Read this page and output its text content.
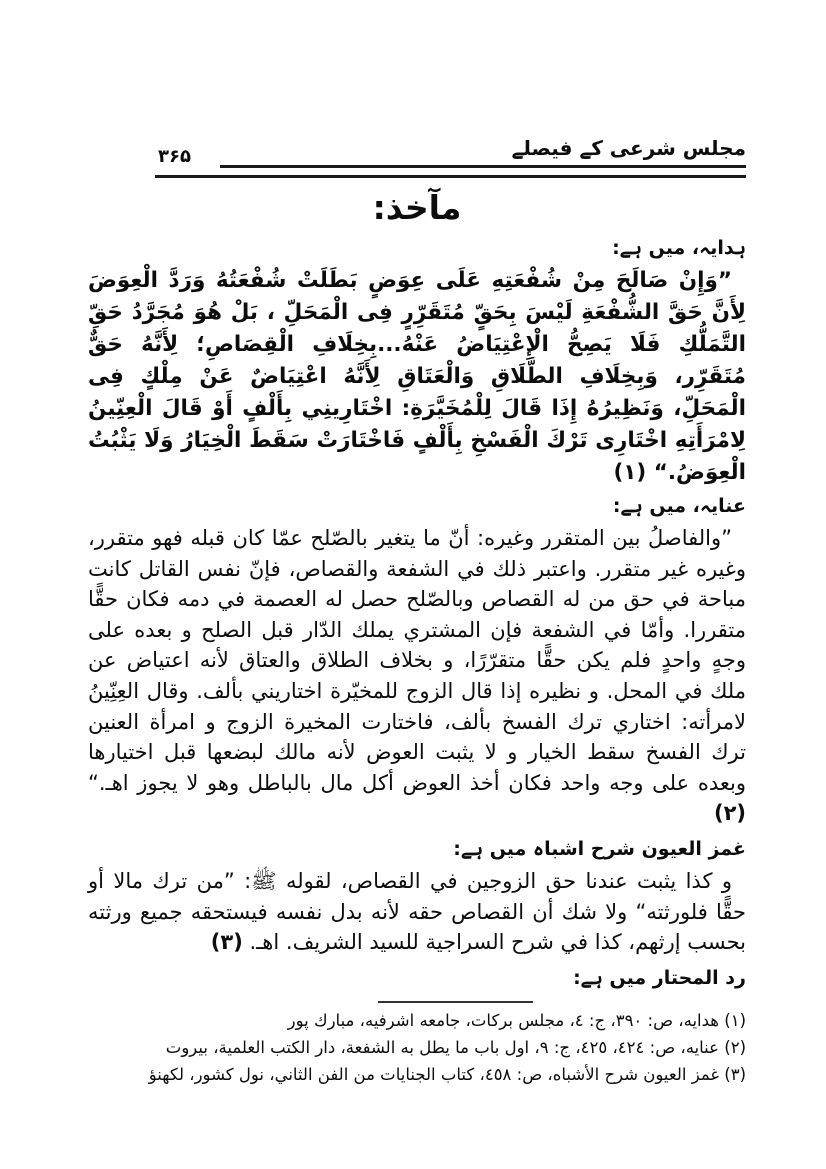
مجلس شرعی کے فیصلے
۳۶۵
مآخذ:
ہدایہ، میں ہے:

”وَإِنْ صَالَحَ مِنْ شُفْعَتِهِ عَلَى عِوَضٍ بَطَلَتْ شُفْعَتُهُ وَرَدَّ الْعِوَضَ لِأَنَّ حَقَّ الشُّفْعَةِ لَيْسَ بِحَقٍّ مُتَقَرِّرٍ فِى الْمَحَلِّ ، بَلْ هُوَ مُجَرَّدُ حَقِّ التَّمَلُّكِ فَلَا يَصِحُّ الْإِعْتِيَاضُ عَنْهُ...بِخِلَافِ الْقِصَاصِ؛ لِأَنَّهُ حَقٌّ مُتَقَرِّر، وَبِخِلَافِ الطَّلَاقِ وَالْعَتَاقِ لِأَنَّهُ اعْتِيَاضٌ عَنْ مِلْكٍ فِى الْمَحَلِّ، وَنَظِيرُهُ إِذَا قَالَ لِلْمُخَيَّرَةِ: اخْتَارِينِي بِأَلْفٍ أَوْ قَالَ الْعِنِّينُ لِامْرَأَتِهِ اخْتَارِى تَرْكَ الْفَسْخِ بِأَلْفٍ فَاخْتَارَتْ سَقَطَ الْخِيَارُ وَلَا يَثْبُتُ الْعِوَضُ.“ (١)

عنایہ، میں ہے:

”والفاصلُ بين المتقرر وغيره: أنّ ما يتغير بالصّلح عمّا كان قبله فهو متقرر، وغيره غير متقرر. واعتبر ذلك في الشفعة والقصاص، فإنّ نفس القاتل كانت مباحة في حق من له القصاص وبالصّلح حصل له العصمة في دمه فكان حقًّا متقررا. وأمّا في الشفعة فإن المشتري يملك الدّار قبل الصلح و بعده على وجهٍ واحدٍ فلم يكن حقًّا متقرّرًا، و بخلاف الطلاق والعتاق لأنه اعتياض عن ملك في المحل. و نظيره إذا قال الزوج للمخيّرة اختاريني بألف. وقال العِنِّينُ لامرأته: اختاري ترك الفسخ بألف، فاختارت المخيرة الزوج و امرأة العنين ترك الفسخ سقط الخيار و لا يثبت العوض لأنه مالك لبضعها قبل اختيارها وبعده على وجه واحد فكان أخذ العوض أكل مال بالباطل وهو لا يجوز اهـ.“ (٢)

غمز العیون شرح اشباہ میں ہے:

و كذا يثبت عندنا حق الزوجين في القصاص، لقوله ﷺ: ”من ترك مالا أو حقًّا فلورثته“ ولا شك أن القصاص حقه لأنه بدل نفسه فيستحقه جميع ورثته بحسب إرثهم، كذا في شرح السراجية للسيد الشريف. اهـ. (٣)

رد المحتار میں ہے:
(١) هدايه، ص: ٣٩٠، ج: ٤، مجلس بركات، جامعه اشرفيه، مبارك پور
(٢) عنايه، ص: ٤٢٤، ٤٢٥، ج: ٩، اول باب ما يطل به الشفعة، دار الكتب العلمية، بيروت
(٣) غمز العيون شرح الأشباه، ص: ٤٥٨، كتاب الجنايات من الفن الثاني، نول كشور، لكهنؤ
